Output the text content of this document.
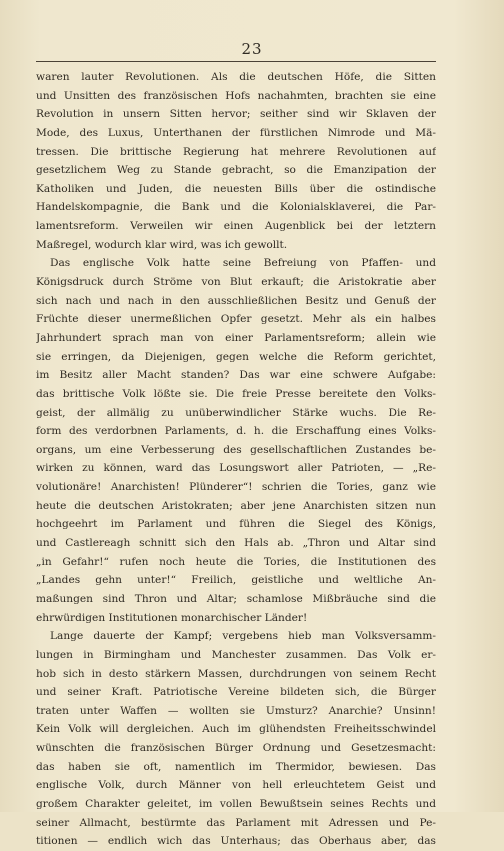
23
waren lauter Revolutionen. Als die deutschen Höfe, die Sitten
und Unsitten des französischen Hofs nachahmten, brachten sie eine
Revolution in unsern Sitten hervor; seither sind wir Sklaven der
Mode, des Luxus, Unterthanen der fürstlichen Nimrode und Mä-
tressen. Die brittische Regierung hat mehrere Revolutionen auf
gesetzlichem Weg zu Stande gebracht, so die Emanzipation der
Katholiken und Juden, die neuesten Bills über die ostindische
Handelskompagnie, die Bank und die Kolonialsklaverei, die Par-
lamentsreform. Verweilen wir einen Augenblick bei der letztern
Maßregel, wodurch klar wird, was ich gewollt.
Das englische Volk hatte seine Befreiung von Pfaffen- und
Königsdruck durch Ströme von Blut erkauft; die Aristokratie aber
sich nach und nach in den ausschließlichen Besitz und Genuß der
Früchte dieser unermeßlichen Opfer gesetzt. Mehr als ein halbes
Jahrhundert sprach man von einer Parlamentsreform; allein wie
sie erringen, da Diejenigen, gegen welche die Reform gerichtet,
im Besitz aller Macht standen? Das war eine schwere Aufgabe:
das brittische Volk lößte sie. Die freie Presse bereitete den Volks-
geist, der allmälig zu unüberwindlicher Stärke wuchs. Die Re-
form des verdorbnen Parlaments, d. h. die Erschaffung eines Volks-
organs, um eine Verbesserung des gesellschaftlichen Zustandes be-
wirken zu können, ward das Losungswort aller Patrioten, — „Re-
volutionäre! Anarchisten! Plünderer“! schrien die Tories, ganz wie
heute die deutschen Aristokraten; aber jene Anarchisten sitzen nun
hochgeehrt im Parlament und führen die Siegel des Königs,
und Castlereagh schnitt sich den Hals ab. „Thron und Altar sind
„in Gefahr!“ rufen noch heute die Tories, die Institutionen des
„Landes gehn unter!“ Freilich, geistliche und weltliche An-
maßungen sind Thron und Altar; schamlose Mißbräuche sind die
ehrwürdigen Institutionen monarchischer Länder!
Lange dauerte der Kampf; vergebens hieb man Volksversamm-
lungen in Birmingham und Manchester zusammen. Das Volk er-
hob sich in desto stärkern Massen, durchdrungen von seinem Recht
und seiner Kraft. Patriotische Vereine bildeten sich, die Bürger
traten unter Waffen — wollten sie Umsturz? Anarchie? Unsinn!
Kein Volk will dergleichen. Auch im glühendsten Freiheitsschwindel
wünschten die französischen Bürger Ordnung und Gesetzesmacht:
das haben sie oft, namentlich im Thermidor, bewiesen. Das
englische Volk, durch Männer von hell erleuchtetem Geist und
großem Charakter geleitet, im vollen Bewußtsein seines Rechts und
seiner Allmacht, bestürmte das Parlament mit Adressen und Pe-
titionen — endlich wich das Unterhaus; das Oberhaus aber, das
